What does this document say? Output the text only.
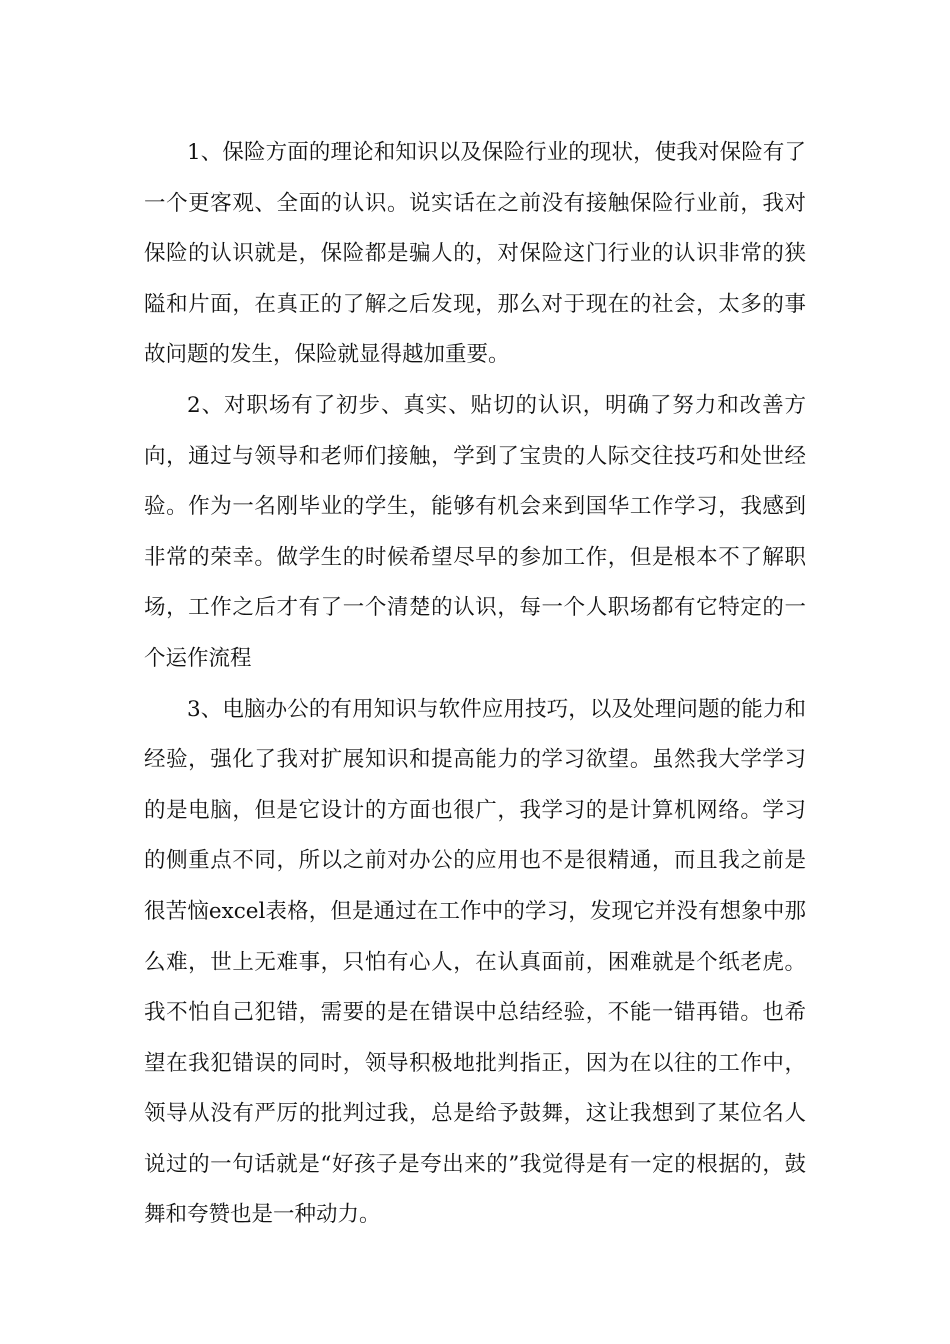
1、保险方面的理论和知识以及保险行业的现状，使我对保险有了一个更客观、全面的认识。说实话在之前没有接触保险行业前，我对保险的认识就是，保险都是骗人的，对保险这门行业的认识非常的狭隘和片面，在真正的了解之后发现，那么对于现在的社会，太多的事故问题的发生，保险就显得越加重要。

2、对职场有了初步、真实、贴切的认识，明确了努力和改善方向，通过与领导和老师们接触，学到了宝贵的人际交往技巧和处世经验。作为一名刚毕业的学生，能够有机会来到国华工作学习，我感到非常的荣幸。做学生的时候希望尽早的参加工作，但是根本不了解职场，工作之后才有了一个清楚的认识，每一个人职场都有它特定的一个运作流程

3、电脑办公的有用知识与软件应用技巧，以及处理问题的能力和经验，强化了我对扩展知识和提高能力的学习欲望。虽然我大学学习的是电脑，但是它设计的方面也很广，我学习的是计算机网络。学习的侧重点不同，所以之前对办公的应用也不是很精通，而且我之前是很苦恼excel表格，但是通过在工作中的学习，发现它并没有想象中那么难，世上无难事，只怕有心人，在认真面前，困难就是个纸老虎。我不怕自己犯错，需要的是在错误中总结经验，不能一错再错。也希望在我犯错误的同时，领导积极地批判指正，因为在以往的工作中，领导从没有严厉的批判过我，总是给予鼓舞，这让我想到了某位名人说过的一句话就是“好孩子是夸出来的”我觉得是有一定的根据的，鼓舞和夸赞也是一种动力。
